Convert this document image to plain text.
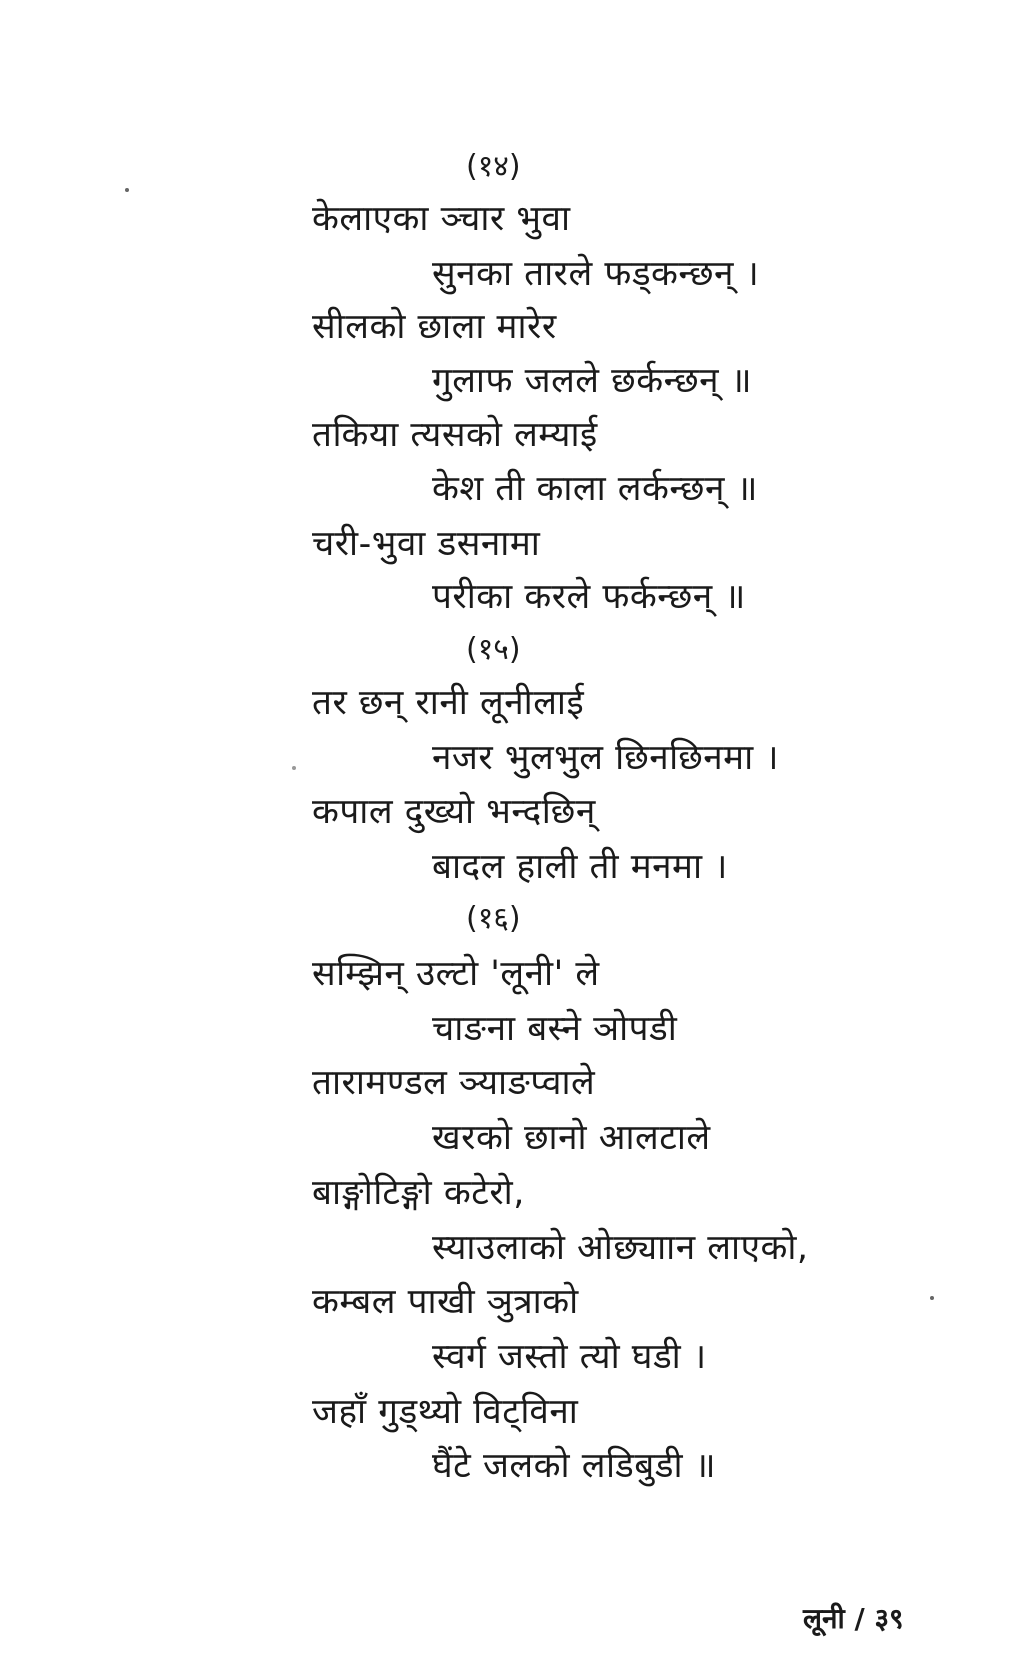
(१४)
केलाएका ञ्चार भुवा
सुनका तारले फड्कन्छन् ।
सीलको छाला मारेर
गुलाफ जलले छर्कन्छन् ॥
तकिया त्यसको लम्याई
केश ती काला लर्कन्छन् ॥
चरी-भुवा डसनामा
परीका करले फर्कन्छन् ॥
(१५)
तर छन् रानी लूनीलाई
नजर भुलभुल छिनछिनमा ।
कपाल दुख्यो भन्दछिन्
बादल हाली ती मनमा ।
(१६)
सम्झिन् उल्टो 'लूनी' ले
चाङना बस्ने ञोपडी
तारामण्डल ञ्याङप्वाले
खरको छानो आलटाले
बाङ्गोटिङ्गो कटेरो,
स्याउलाको ओछ्याान लाएको,
कम्बल पाखी ञुत्राको
स्वर्ग जस्तो त्यो घडी ।
जहाँ गुड्थ्यो विट्विना
घैंटे जलको लडिबुडी ॥
लूनी / ३९
